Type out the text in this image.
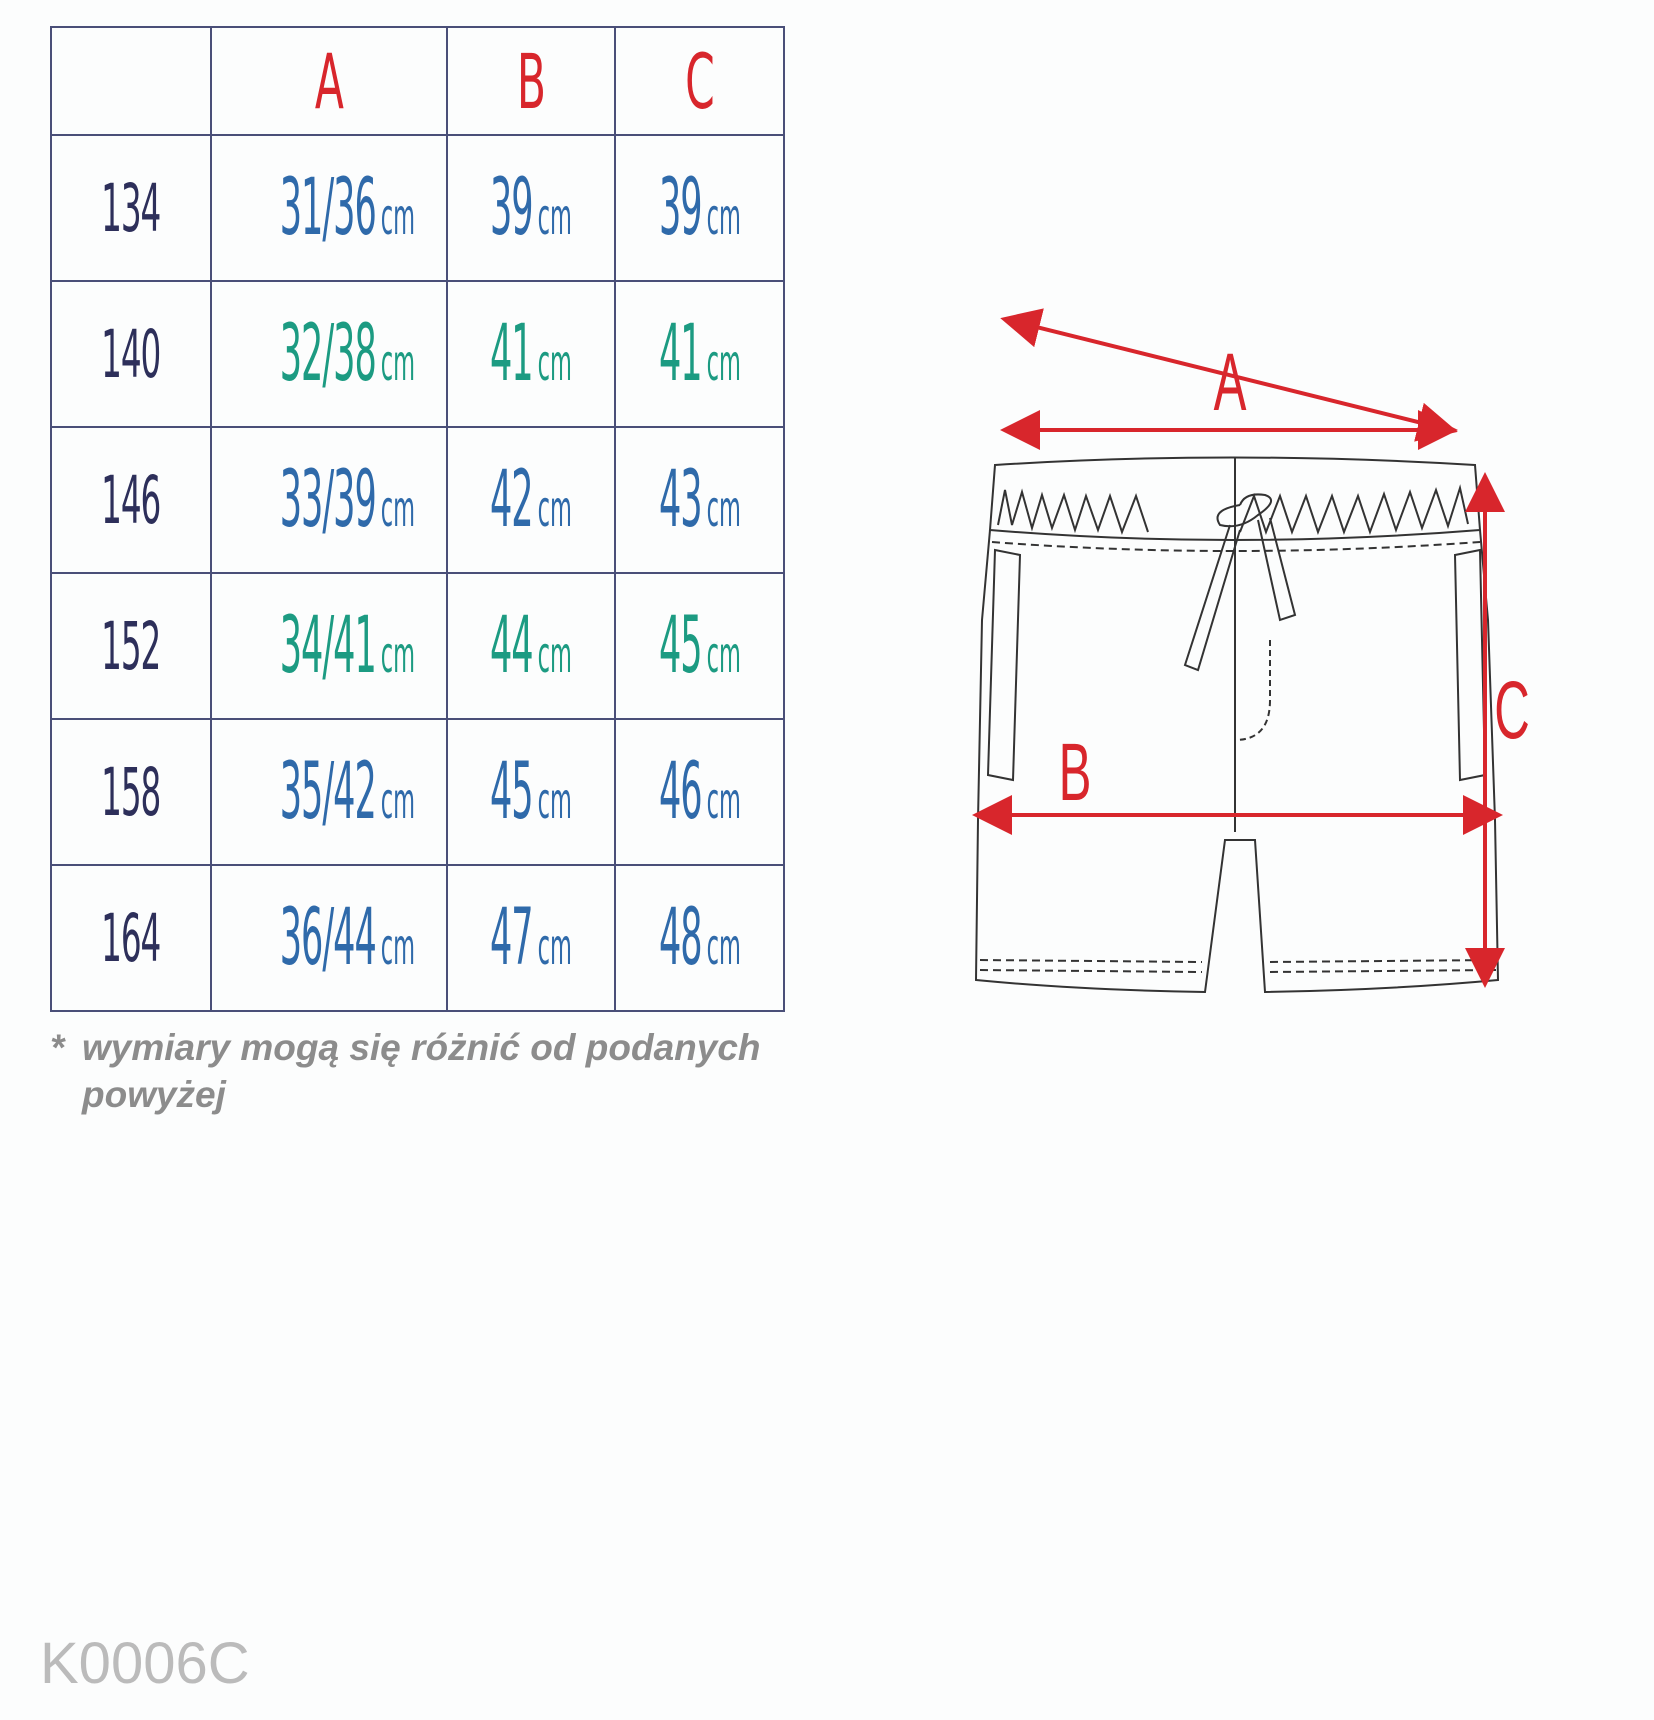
	A	B	C
134	31/36 cm	39 cm	39 cm
140	32/38 cm	41 cm	41 cm
146	33/39 cm	42 cm	43 cm
152	34/41 cm	44 cm	45 cm
158	35/42 cm	45 cm	46 cm
164	36/44 cm	47 cm	48 cm
* wymiary mogą się różnić od podanych
powyżej
K0006C
A
B
C
